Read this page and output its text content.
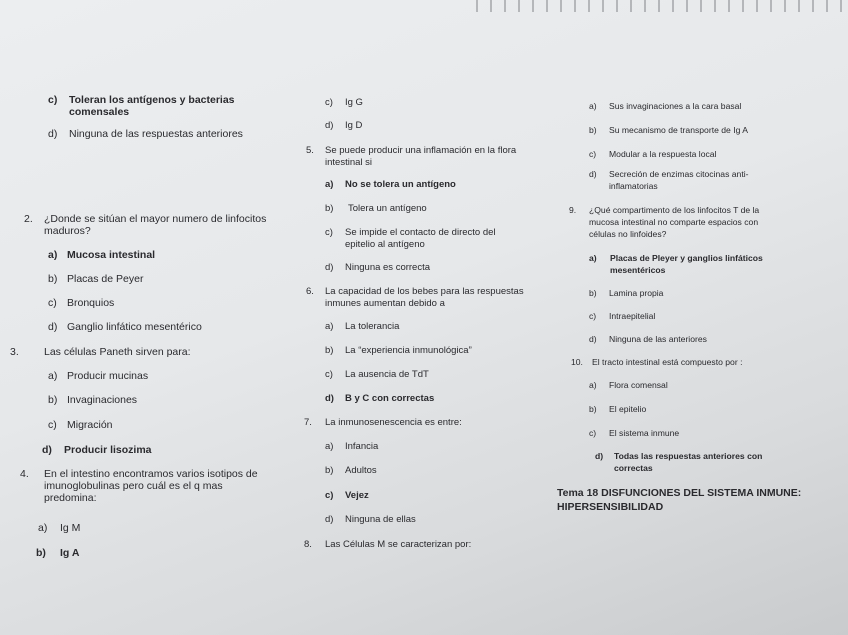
c) Toleran los antígenos y bacterias
comensales
d) Ninguna de las respuestas anteriores
2. ¿Donde se sitúan el mayor numero de linfocitos
maduros?
a) Mucosa intestinal
b) Placas de Peyer
c) Bronquios
d) Ganglio linfático mesentérico
3. Las células Paneth sirven para:
a) Producir mucinas
b) Invaginaciones
c) Migración
d) Producir lisozima
4. En el intestino encontramos varios isotipos de
imunoglobulinas pero cuál es el q mas
predomina:
a) Ig M
b) Ig A
c) Ig G
d) Ig D
5. Se puede producir una inflamación en la flora
intestinal si
a) No se tolera un antígeno
b) Tolera un antígeno
c) Se impide el contacto de directo del
epitelio al antígeno
d) Ninguna es correcta
6. La capacidad de los bebes para las respuestas
inmunes aumentan debido a
a) La tolerancia
b) La “experiencia inmunológica”
c) La ausencia de TdT
d) B y C con correctas
7. La inmunosenescencia es entre:
a) Infancia
b) Adultos
c) Vejez
d) Ninguna de ellas
8. Las Células M se caracterizan por:
a) Sus invaginaciones a la cara basal
b) Su mecanismo de transporte de Ig A
c) Modular a la respuesta local
d) Secreción de enzimas citocinas anti-
inflamatorias
9. ¿Qué compartimento de los linfocitos T de la
mucosa intestinal no comparte espacios con
células no linfoides?
a) Placas de Pleyer y ganglios linfáticos
mesentéricos
b) Lamina propia
c) Intraepitelial
d) Ninguna de las anteriores
10. El tracto intestinal está compuesto por :
a) Flora comensal
b) El epitelio
c) El sistema inmune
d) Todas las respuestas anteriores con
correctas
Tema 18 DISFUNCIONES DEL SISTEMA INMUNE:
HIPERSENSIBILIDAD
